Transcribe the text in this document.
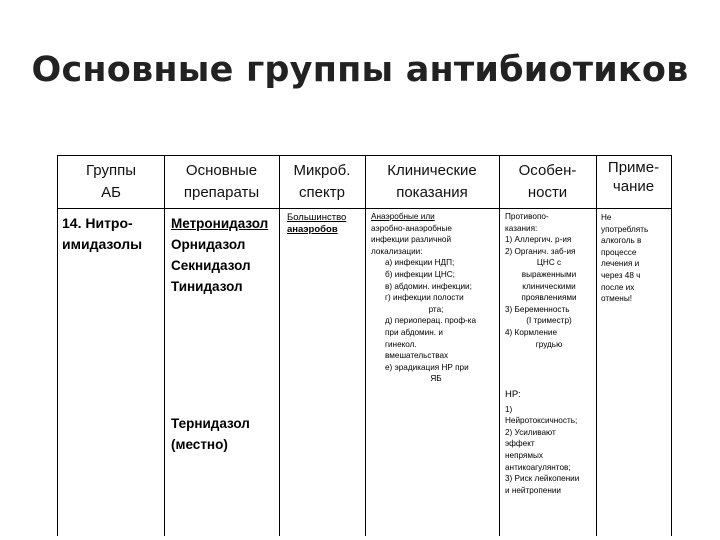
Основные группы антибиотиков
Группы
АБ
Основные
препараты
Микроб.
спектр
Клинические
показания
Особен-
ности
Приме-
чание
14. Нитро-
имидазолы
Метронидазол
Орнидазол
Секнидазол
Тинидазол
Тернидазол
(местно)
Большинство
анаэробов
Анаэробные или
аэробно-анаэробные
инфекции различной
локализации:
а) инфекции НДП;
б) инфекции ЦНС;
в) абдомин. инфекции;
г) инфекции полости
рта;
д) периоперац. проф-ка
при абдомин. и
гинекол.
вмешательствах
е) эрадикация НР при
ЯБ
Противопо-
казания:
1) Аллергич. р-ия
2) Органич. заб-ия
ЦНС с
выраженными
клиническими
проявлениями
3) Беременность
(I триместр)
4) Кормление
грудью
НР:
1)
Нейротоксичность;
2) Усиливают
эффект
непрямых
антикоагулянтов;
3) Риск лейкопении
и нейтропении
Не
употреблять
алкоголь в
процессе
лечения и
через 48 ч
после их
отмены!
